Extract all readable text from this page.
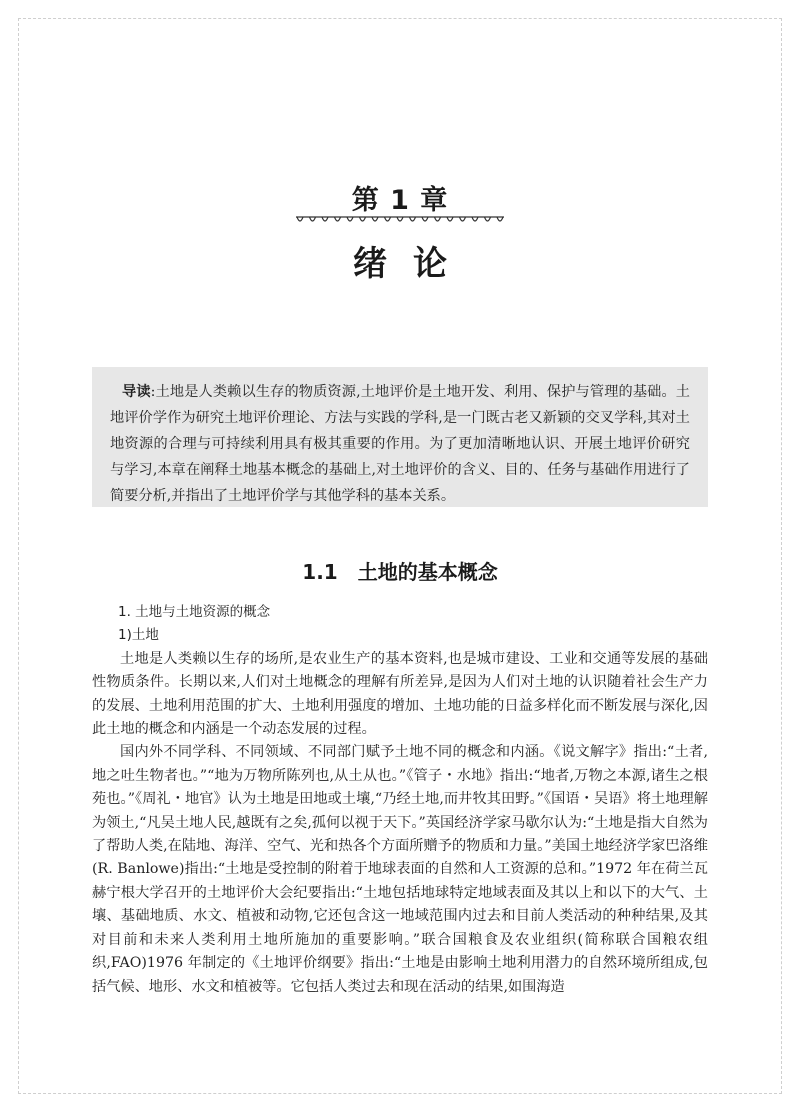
第 1 章
绪论
导读:土地是人类赖以生存的物质资源,土地评价是土地开发、利用、保护与管理的基础。土地评价学作为研究土地评价理论、方法与实践的学科,是一门既古老又新颖的交叉学科,其对土地资源的合理与可持续利用具有极其重要的作用。为了更加清晰地认识、开展土地评价研究与学习,本章在阐释土地基本概念的基础上,对土地评价的含义、目的、任务与基础作用进行了简要分析,并指出了土地评价学与其他学科的基本关系。
1.1 土地的基本概念

1. 土地与土地资源的概念

1)土地

土地是人类赖以生存的场所,是农业生产的基本资料,也是城市建设、工业和交通等发展的基础性物质条件。长期以来,人们对土地概念的理解有所差异,是因为人们对土地的认识随着社会生产力的发展、土地利用范围的扩大、土地利用强度的增加、土地功能的日益多样化而不断发展与深化,因此土地的概念和内涵是一个动态发展的过程。

国内外不同学科、不同领域、不同部门赋予土地不同的概念和内涵。《说文解字》指出:“土者,地之吐生物者也。”“地为万物所陈列也,从土从也。”《管子・水地》指出:“地者,万物之本源,诸生之根苑也。”《周礼・地官》认为土地是田地或土壤,“乃经土地,而井牧其田野。”《国语・吴语》将土地理解为领土,“凡吴土地人民,越既有之矣,孤何以视于天下。”英国经济学家马歇尔认为:“土地是指大自然为了帮助人类,在陆地、海洋、空气、光和热各个方面所赠予的物质和力量。”美国土地经济学家巴洛维(R. Banlowe)指出:“土地是受控制的附着于地球表面的自然和人工资源的总和。”1972 年在荷兰瓦赫宁根大学召开的土地评价大会纪要指出:“土地包括地球特定地域表面及其以上和以下的大气、土壤、基础地质、水文、植被和动物,它还包含这一地域范围内过去和目前人类活动的种种结果,及其对目前和未来人类利用土地所施加的重要影响。”联合国粮食及农业组织(简称联合国粮农组织,FAO)1976 年制定的《土地评价纲要》指出:“土地是由影响土地利用潜力的自然环境所组成,包括气候、地形、水文和植被等。它包括人类过去和现在活动的结果,如围海造
